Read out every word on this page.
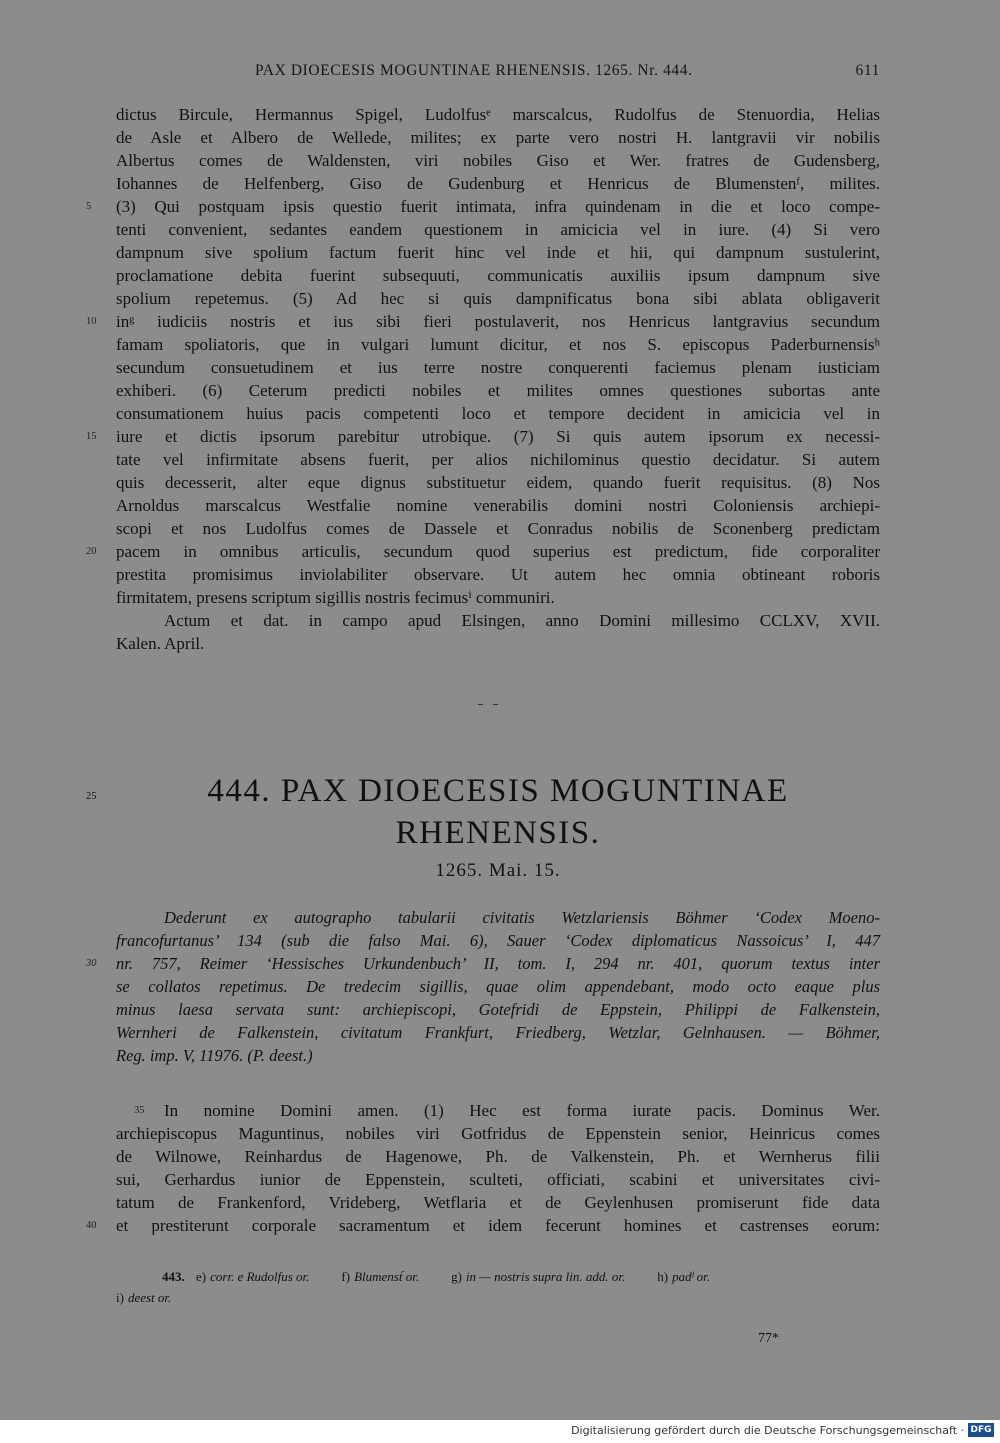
PAX DIOECESIS MOGUNTINAE RHENENSIS. 1265. Nr. 444.	611
dictus Bircule, Hermannus Spigel, Ludolfusᵉ marscalcus, Rudolfus de Stenuordia, Helias
de Asle et Albero de Wellede, milites; ex parte vero nostri H. lantgravii vir nobilis
Albertus comes de Waldensten, viri nobiles Giso et Wer. fratres de Gudensberg,
Iohannes de Helfenberg, Giso de Gudenburg et Henricus de Blumenstenᶠ, milites.
(3) Qui postquam ipsis questio fuerit intimata, infra quindenam in die et loco compe-
5
tenti convenient, sedantes eandem questionem in amicicia vel in iure. (4) Si vero
dampnum sive spolium factum fuerit hinc vel inde et hii, qui dampnum sustulerint,
proclamatione debita fuerint subsequuti, communicatis auxiliis ipsum dampnum sive
spolium repetemus. (5) Ad hec si quis dampnificatus bona sibi ablata obligaverit
inᵍ iudiciis nostris et ius sibi fieri postulaverit, nos Henricus lantgravius secundum
10
famam spoliatoris, que in vulgari lumunt dicitur, et nos S. episcopus Paderburnensisʰ
secundum consuetudinem et ius terre nostre conquerenti faciemus plenam iusticiam
exhiberi. (6) Ceterum predicti nobiles et milites omnes questiones subortas ante
consumationem huius pacis competenti loco et tempore decident in amicicia vel in
iure et dictis ipsorum parebitur utrobique. (7) Si quis autem ipsorum ex necessi-
15
tate vel infirmitate absens fuerit, per alios nichilominus questio decidatur. Si autem
quis decesserit, alter eque dignus substituetur eidem, quando fuerit requisitus. (8) Nos
Arnoldus marscalcus Westfalie nomine venerabilis domini nostri Coloniensis archiepi-
scopi et nos Ludolfus comes de Dassele et Conradus nobilis de Sconenberg predictam
pacem in omnibus articulis, secundum quod superius est predictum, fide corporaliter
20
prestita promisimus inviolabiliter observare. Ut autem hec omnia obtineant roboris
firmitatem, presens scriptum sigillis nostris fecimusⁱ communiri.
Actum et dat. in campo apud Elsingen, anno Domini millesimo CCLXV, XVII.
Kalen. April.
25	444. PAX DIOECESIS MOGUNTINAE
RHENENSIS.
1265. Mai. 15.
Dederunt ex autographo tabularii civitatis Wetzlariensis Böhmer ‘Codex Moeno-
francofurtanus’ 134 (sub die falso Mai. 6), Sauer ‘Codex diplomaticus Nassoicus’ I, 447
nr. 757, Reimer ‘Hessisches Urkundenbuch’ II, tom. I, 294 nr. 401, quorum textus inter
30
se collatos repetimus. De tredecim sigillis, quae olim appendebant, modo octo eaque plus
minus laesa servata sunt: archiepiscopi, Gotefridi de Eppstein, Philippi de Falkenstein,
Wernheri de Falkenstein, civitatum Frankfurt, Friedberg, Wetzlar, Gelnhausen. — Böhmer,
Reg. imp. V, 11976. (P. deest.)
In nomine Domini amen. (1) Hec est forma iurate pacis. Dominus Wer.
35
archiepiscopus Maguntinus, nobiles viri Gotfridus de Eppenstein senior, Heinricus comes
de Wilnowe, Reinhardus de Hagenowe, Ph. de Valkenstein, Ph. et Wernherus filii
sui, Gerhardus iunior de Eppenstein, sculteti, officiati, scabini et universitates civi-
tatum de Frankenford, Vrideberg, Wetflaria et de Geylenhusen promiserunt fide data
et prestiterunt corporale sacramentum et idem fecerunt homines et castrenses eorum:
40
443. e) corr. e Rudolfus or. f) Blumenst́ or. g) in — nostris supra lin. add. or. h) padˡ or.
i) deest or.
77*
Digitalisierung gefördert durch die Deutsche Forschungsgemeinschaft · DFG
